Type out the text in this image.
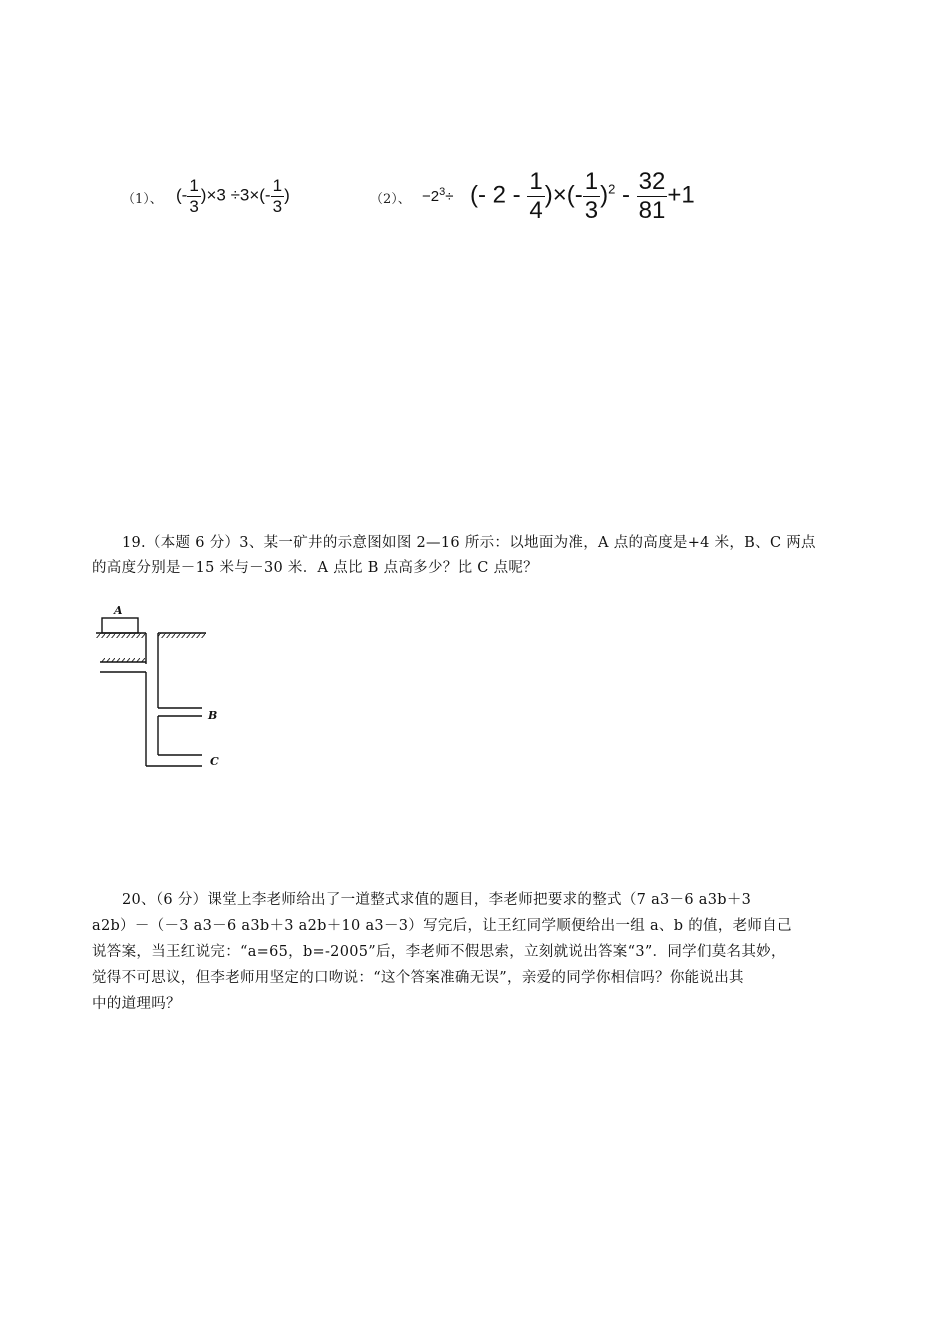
（1）、 (- $\frac{1}{3} )\times 3 \div 3\times(- \frac{1}{3}$ )	（2）、 $-2^3\div$ (- $2 - \frac{1}{4}$ )×(- $\frac{1}{3} )^2 - \frac{32}{81} +1$
19.（本题 6 分）3、某一矿井的示意图如图 2—16 所示：以地面为准，A 点的高度是+4 米，B、C 两点
的高度分别是－15 米与－30 米．A 点比 B 点高多少？比 C 点呢？
A
B
C
20、（6 分）课堂上李老师给出了一道整式求值的题目，李老师把要求的整式（7 a3－6 a3b＋3
a2b）－（－3 a3－6 a3b＋3 a2b＋10 a3－3）写完后，让王红同学顺便给出一组 a、b 的值，老师自己
说答案，当王红说完：“a=65，b=-2005”后，李老师不假思索，立刻就说出答案“3”．同学们莫名其妙，
觉得不可思议，但李老师用坚定的口吻说：“这个答案准确无误”，亲爱的同学你相信吗？你能说出其
中的道理吗？
